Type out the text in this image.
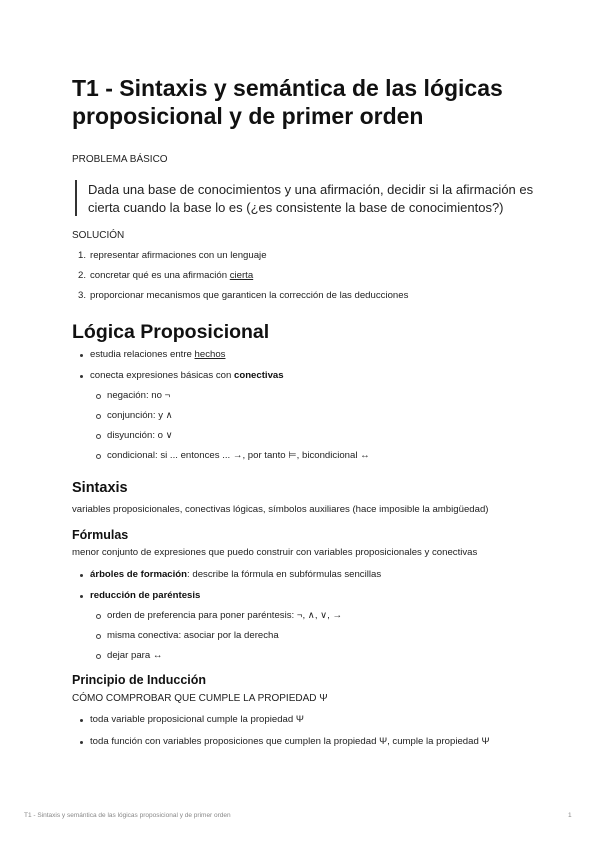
T1 - Sintaxis y semántica de las lógicas
proposicional y de primer orden
PROBLEMA BÁSICO
Dada una base de conocimientos y una afirmación, decidir si la afirmación es
cierta cuando la base lo es (¿es consistente la base de conocimientos?)
SOLUCIÓN
1. representar afirmaciones con un lenguaje
2. concretar qué es una afirmación cierta
3. proporcionar mecanismos que garanticen la corrección de las deducciones
Lógica Proposicional
estudia relaciones entre hechos
conecta expresiones básicas con conectivas
negación: no ¬
conjunción: y ∧
disyunción: o ∨
condicional: si ... entonces ... →, por tanto ⊨, bicondicional ↔
Sintaxis
variables proposicionales, conectivas lógicas, símbolos auxiliares (hace imposible la ambigüedad)
Fórmulas
menor conjunto de expresiones que puedo construir con variables proposicionales y conectivas
árboles de formación: describe la fórmula en subfórmulas sencillas
reducción de paréntesis
orden de preferencia para poner paréntesis: ¬, ∧, ∨, →
misma conectiva: asociar por la derecha
dejar para ↔
Principio de Inducción
CÓMO COMPROBAR QUE CUMPLE LA PROPIEDAD Ψ
toda variable proposicional cumple la propiedad Ψ
toda función con variables proposiciones que cumplen la propiedad Ψ, cumple la propiedad Ψ
T1 - Sintaxis y semántica de las lógicas proposicional y de primer orden	1
